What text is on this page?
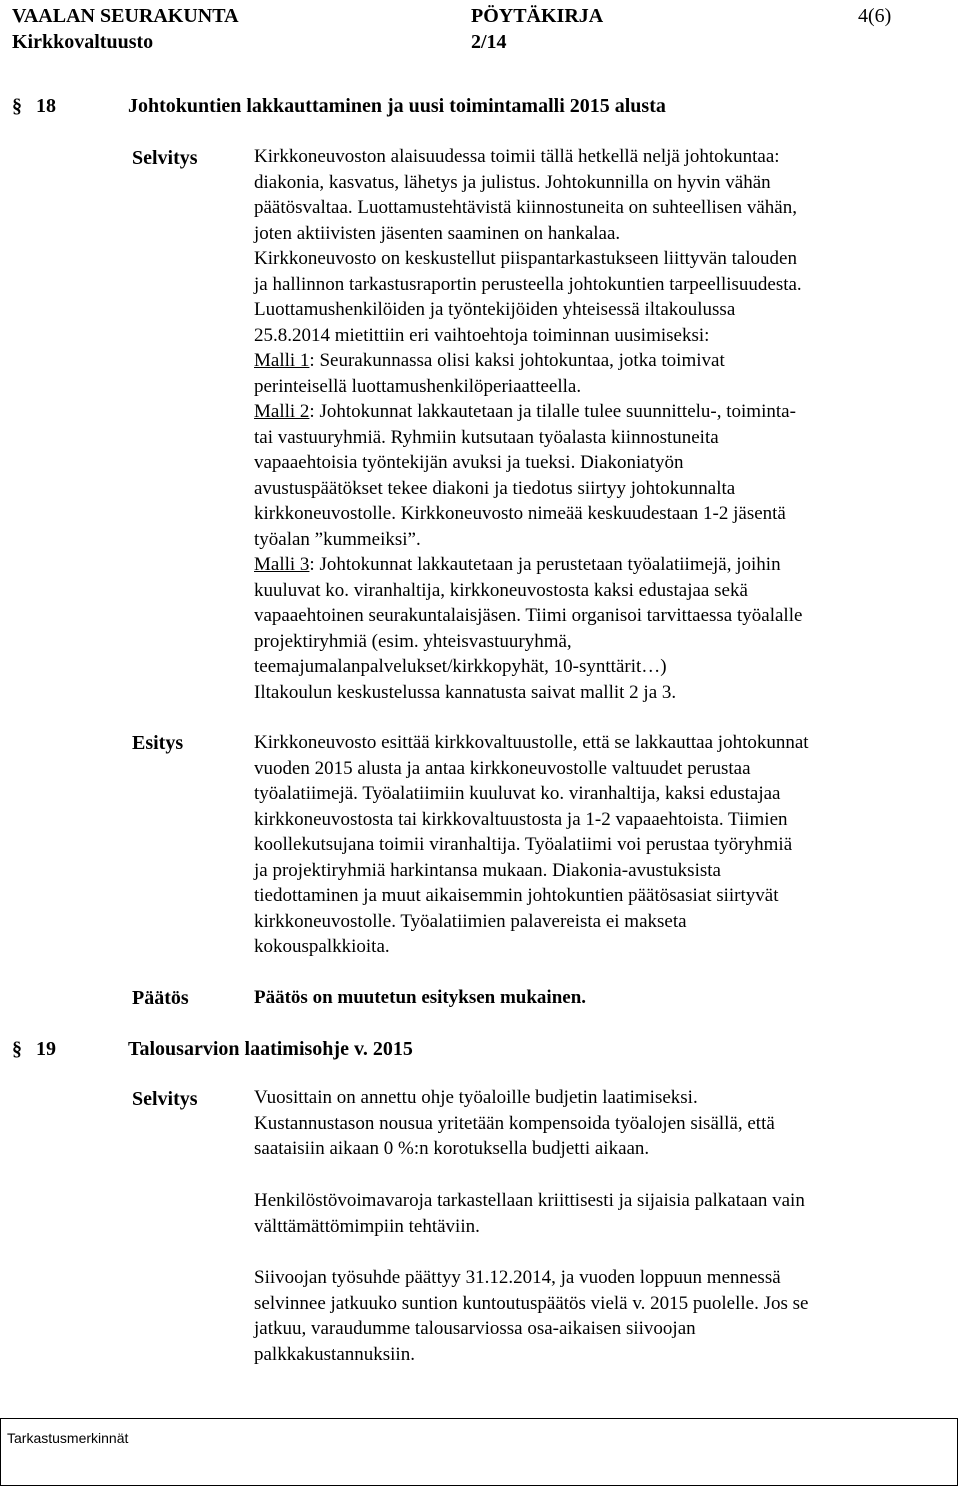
VAALAN SEURAKUNTA	PÖYTÄKIRJA	4(6)
Kirkkovaltuusto	2/14
§ 18	Johtokuntien lakkauttaminen ja uusi toimintamalli 2015 alusta
Selvitys	Kirkkoneuvoston alaisuudessa toimii tällä hetkellä neljä johtokuntaa:
diakonia, kasvatus, lähetys ja julistus. Johtokunnilla on hyvin vähän
päätösvaltaa. Luottamustehtävistä kiinnostuneita on suhteellisen vähän,
joten aktiivisten jäsenten saaminen on hankalaa.
Kirkkoneuvosto on keskustellut piispantarkastukseen liittyvän talouden
ja hallinnon tarkastusraportin perusteella johtokuntien tarpeellisuudesta.
Luottamushenkilöiden ja työntekijöiden yhteisessä iltakoulussa
25.8.2014 mietittiin eri vaihtoehtoja toiminnan uusimiseksi:
Malli 1: Seurakunnassa olisi kaksi johtokuntaa, jotka toimivat
perinteisellä luottamushenkilöperiaatteella.
Malli 2: Johtokunnat lakkautetaan ja tilalle tulee suunnittelu-, toiminta-
tai vastuuryhmiä. Ryhmiin kutsutaan työalasta kiinnostuneita
vapaaehtoisia työntekijän avuksi ja tueksi. Diakoniatyön
avustuspäätökset tekee diakoni ja tiedotus siirtyy johtokunnalta
kirkkoneuvostolle. Kirkkoneuvosto nimeää keskuudestaan 1-2 jäsentä
työalan ”kummeiksi”.
Malli 3: Johtokunnat lakkautetaan ja perustetaan työalatiimejä, joihin
kuuluvat ko. viranhaltija, kirkkoneuvostosta kaksi edustajaa sekä
vapaaehtoinen seurakuntalaisjäsen. Tiimi organisoi tarvittaessa työalalle
projektiryhmiä (esim. yhteisvastuuryhmä,
teemajumalanpalvelukset/kirkkopyhät, 10-synttärit…)
Iltakoulun keskustelussa kannatusta saivat mallit 2 ja 3.
Esitys	Kirkkoneuvosto esittää kirkkovaltuustolle, että se lakkauttaa johtokunnat
vuoden 2015 alusta ja antaa kirkkoneuvostolle valtuudet perustaa
työalatiimejä. Työalatiimiin kuuluvat ko. viranhaltija, kaksi edustajaa
kirkkoneuvostosta tai kirkkovaltuustosta ja 1-2 vapaaehtoista. Tiimien
koollekutsujana toimii viranhaltija. Työalatiimi voi perustaa työryhmiä
ja projektiryhmiä harkintansa mukaan. Diakonia-avustuksista
tiedottaminen ja muut aikaisemmin johtokuntien päätösasiat siirtyvät
kirkkoneuvostolle. Työalatiimien palavereista ei makseta
kokouspalkkioita.
Päätös	Päätös on muutetun esityksen mukainen.
§ 19	Talousarvion laatimisohje v. 2015
Selvitys	Vuosittain on annettu ohje työaloille budjetin laatimiseksi.
Kustannustason nousua yritetään kompensoida työalojen sisällä, että
saataisiin aikaan 0 %:n korotuksella budjetti aikaan.
Henkilöstövoimavaroja tarkastellaan kriittisesti ja sijaisia palkataan vain
välttämättömimpiin tehtäviin.
Siivoojan työsuhde päättyy 31.12.2014, ja vuoden loppuun mennessä
selvinnee jatkuuko suntion kuntoutuspäätös vielä v. 2015 puolelle. Jos se
jatkuu, varaudumme talousarviossa osa-aikaisen siivoojan
palkkakustannuksiin.
Tarkastusmerkinnät
